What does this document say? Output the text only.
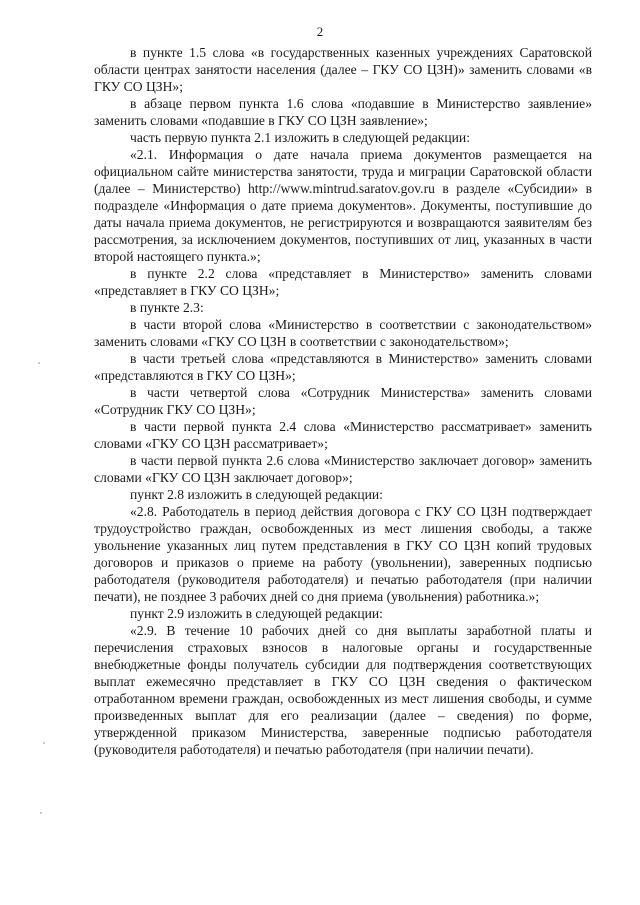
2

в пункте 1.5 слова «в государственных казенных учреждениях Саратовской области центрах занятости населения (далее – ГКУ СО ЦЗН)» заменить словами «в ГКУ СО ЦЗН»;

в абзаце первом пункта 1.6 слова «подавшие в Министерство заявление» заменить словами «подавшие в ГКУ СО ЦЗН заявление»;

часть первую пункта 2.1 изложить в следующей редакции:

«2.1. Информация о дате начала приема документов размещается на официальном сайте министерства занятости, труда и миграции Саратовской области (далее – Министерство) http://www.mintrud.saratov.gov.ru в разделе «Субсидии» в подразделе «Информация о дате приема документов». Документы, поступившие до даты начала приема документов, не регистрируются и возвращаются заявителям без рассмотрения, за исключением документов, поступивших от лиц, указанных в части второй настоящего пункта.»;

в пункте 2.2 слова «представляет в Министерство» заменить словами «представляет в ГКУ СО ЦЗН»;

в пункте 2.3:

в части второй слова «Министерство в соответствии с законодательством» заменить словами «ГКУ СО ЦЗН в соответствии с законодательством»;

в части третьей слова «представляются в Министерство» заменить словами «представляются в ГКУ СО ЦЗН»;

в части четвертой слова «Сотрудник Министерства» заменить словами «Сотрудник ГКУ СО ЦЗН»;

в части первой пункта 2.4 слова «Министерство рассматривает» заменить словами «ГКУ СО ЦЗН рассматривает»;

в части первой пункта 2.6 слова «Министерство заключает договор» заменить словами «ГКУ СО ЦЗН заключает договор»;

пункт 2.8 изложить в следующей редакции:

«2.8. Работодатель в период действия договора с ГКУ СО ЦЗН подтверждает трудоустройство граждан, освобожденных из мест лишения свободы, а также увольнение указанных лиц путем представления в ГКУ СО ЦЗН копий трудовых договоров и приказов о приеме на работу (увольнении), заверенных подписью работодателя (руководителя работодателя) и печатью работодателя (при наличии печати), не позднее 3 рабочих дней со дня приема (увольнения) работника.»;

пункт 2.9 изложить в следующей редакции:

«2.9. В течение 10 рабочих дней со дня выплаты заработной платы и перечисления страховых взносов в налоговые органы и государственные внебюджетные фонды получатель субсидии для подтверждения соответствующих выплат ежемесячно представляет в ГКУ СО ЦЗН сведения о фактическом отработанном времени граждан, освобожденных из мест лишения свободы, и сумме произведенных выплат для его реализации (далее – сведения) по форме, утвержденной приказом Министерства, заверенные подписью работодателя (руководителя работодателя) и печатью работодателя (при наличии печати).
